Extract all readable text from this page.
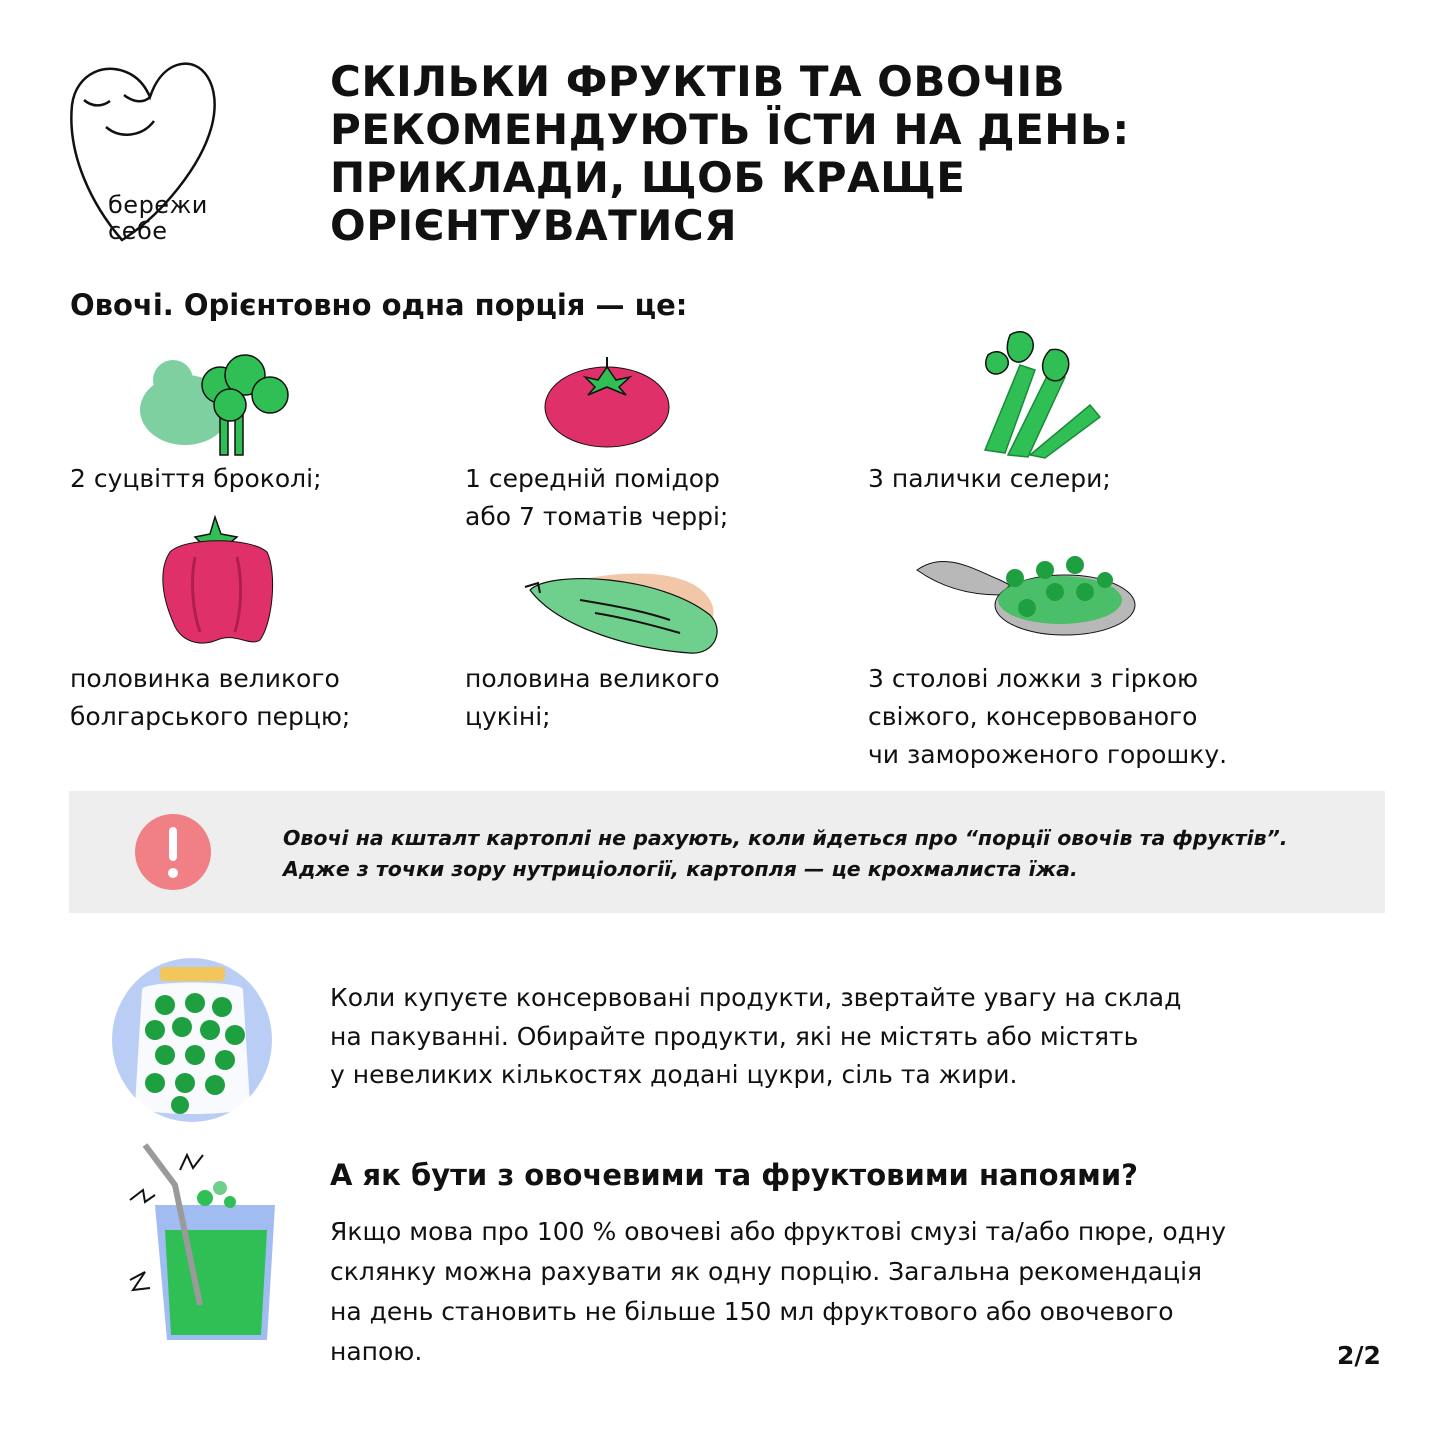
бережи
себе
СКІЛЬКИ ФРУКТІВ ТА ОВОЧІВ РЕКОМЕНДУЮТЬ ЇСТИ НА ДЕНЬ: ПРИКЛАДИ, ЩОБ КРАЩЕ ОРІЄНТУВАТИСЯ
Овочі. Орієнтовно одна порція — це:

2 суцвіття броколі;	1 середній помідор
або 7 томатів черрі;

3 палички селери;

половинка великого
болгарського перцю;

половина великого
цукіні;

3 столові ложки з гіркою
свіжого, консервованого
чи замороженого горошку.

Овочі на кшталт картоплі не рахують, коли йдеться про “порції овочів та фруктів”.
Адже з точки зору нутриціології, картопля — це крохмалиста їжа.

Коли купуєте консервовані продукти, звертайте увагу на склад
на пакуванні. Обирайте продукти, які не містять або містять
у невеликих кількостях додані цукри, сіль та жири.

А як бути з овочевими та фруктовими напоями?

Якщо мова про 100 % овочеві або фруктові смузі та/або пюре, одну
склянку можна рахувати як одну порцію. Загальна рекомендація
на день становить не більше 150 мл фруктового або овочевого
напою.	2/2
